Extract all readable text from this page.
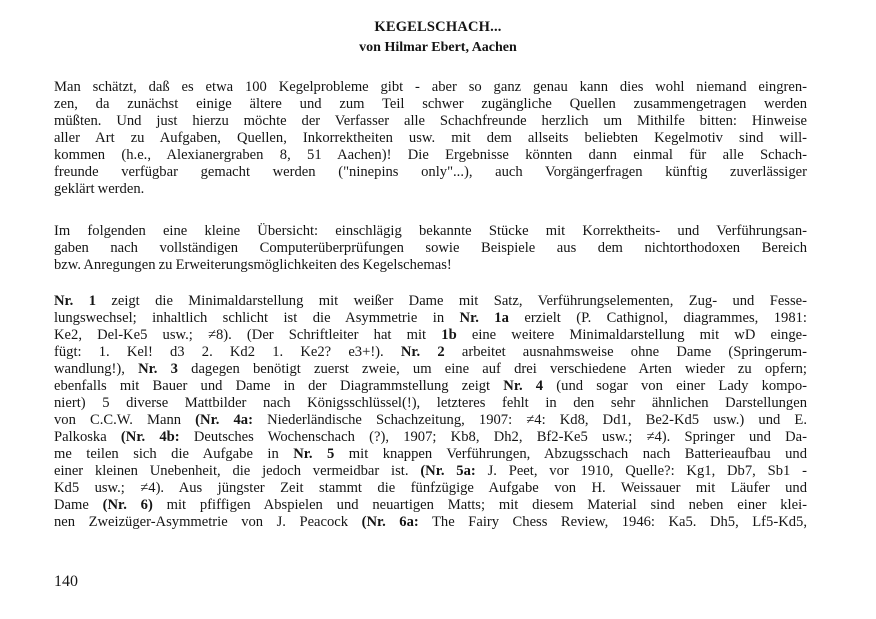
KEGELSCHACH...
von Hilmar Ebert, Aachen
Man schätzt, daß es etwa 100 Kegelprobleme gibt - aber so ganz genau kann dies wohl niemand eingren-
zen, da zunächst einige ältere und zum Teil schwer zugängliche Quellen zusammengetragen werden
müßten. Und just hierzu möchte der Verfasser alle Schachfreunde herzlich um Mithilfe bitten: Hinweise
aller Art zu Aufgaben, Quellen, Inkorrektheiten usw. mit dem allseits beliebten Kegelmotiv sind will-
kommen (h.e., Alexianergraben 8, 51 Aachen)! Die Ergebnisse könnten dann einmal für alle Schach-
freunde verfügbar gemacht werden ("ninepins only"...), auch Vorgängerfragen künftig zuverlässiger
geklärt werden.
Im folgenden eine kleine Übersicht: einschlägig bekannte Stücke mit Korrektheits- und Verführungsan-
gaben nach vollständigen Computerüberprüfungen sowie Beispiele aus dem nichtorthodoxen Bereich
bzw. Anregungen zu Erweiterungsmöglichkeiten des Kegelschemas!
Nr. 1 zeigt die Minimaldarstellung mit weißer Dame mit Satz, Verführungselementen, Zug- und Fesse-
lungswechsel; inhaltlich schlicht ist die Asymmetrie in Nr. 1a erzielt (P. Cathignol, diagrammes, 1981:
Ke2, Del-Ke5 usw.; ≠8). (Der Schriftleiter hat mit 1b eine weitere Minimaldarstellung mit wD einge-
fügt: 1. Kel! d3 2. Kd2 1. Ke2? e3+!). Nr. 2 arbeitet ausnahmsweise ohne Dame (Springerum-
wandlung!), Nr. 3 dagegen benötigt zuerst zweie, um eine auf drei verschiedene Arten wieder zu opfern;
ebenfalls mit Bauer und Dame in der Diagrammstellung zeigt Nr. 4 (und sogar von einer Lady kompo-
niert) 5 diverse Mattbilder nach Königsschlüssel(!), letzteres fehlt in den sehr ähnlichen Darstellungen
von C.C.W. Mann (Nr. 4a: Niederländische Schachzeitung, 1907: ≠4: Kd8, Dd1, Be2-Kd5 usw.) und E.
Palkoska (Nr. 4b: Deutsches Wochenschach (?), 1907; Kb8, Dh2, Bf2-Ke5 usw.; ≠4). Springer und Da-
me teilen sich die Aufgabe in Nr. 5 mit knappen Verführungen, Abzugsschach nach Batterieaufbau und
einer kleinen Unebenheit, die jedoch vermeidbar ist. (Nr. 5a: J. Peet, vor 1910, Quelle?: Kg1, Db7, Sb1 -
Kd5 usw.; ≠4). Aus jüngster Zeit stammt die fünfzügige Aufgabe von H. Weissauer mit Läufer und
Dame (Nr. 6) mit pfiffigen Abspielen und neuartigen Matts; mit diesem Material sind neben einer klei-
nen Zweizüger-Asymmetrie von J. Peacock (Nr. 6a: The Fairy Chess Review, 1946: Ka5. Dh5, Lf5-Kd5,
140
